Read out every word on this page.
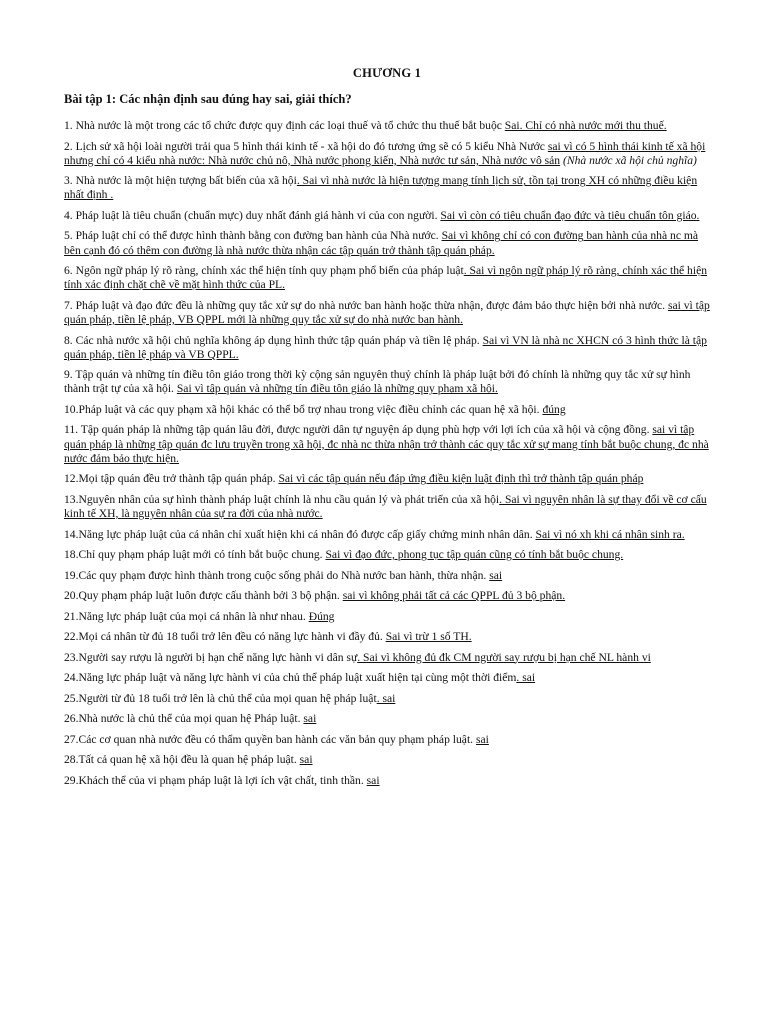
CHƯƠNG 1
Bài tập 1: Các nhận định sau đúng hay sai, giải thích?

1. Nhà nước là một trong các tổ chức được quy định các loại thuế và tổ chức thu thuế bắt buộc Sai. Chỉ có nhà nước mới thu thuế.

2. Lịch sử xã hội loài người trải qua 5 hình thái kinh tế - xã hội do đó tương ứng sẽ có 5 kiểu Nhà Nước sai vì có 5 hình thái kinh tế xã hội nhưng chỉ có 4 kiểu nhà nước: Nhà nước chủ nô, Nhà nước phong kiến, Nhà nước tư sản, Nhà nước vô sản (Nhà nước xã hội chủ nghĩa)

3. Nhà nước là một hiện tượng bất biến của xã hội. Sai vì nhà nước là hiện tượng mang tính lịch sử, tồn tại trong XH có những điều kiện nhất định .

4. Pháp luật là tiêu chuẩn (chuẩn mực) duy nhất đánh giá hành vi của con người. Sai vì còn có tiêu chuẩn đạo đức và tiêu chuẩn tôn giáo.

5. Pháp luật chỉ có thể được hình thành bằng con đường ban hành của Nhà nước. Sai vì không chỉ có con đường ban hành của nhà nc mà bên cạnh đó có thêm con đường là nhà nước thừa nhận các tập quán trở thành tập quán pháp.

6. Ngôn ngữ pháp lý rõ ràng, chính xác thể hiện tính quy phạm phổ biến của pháp luật. Sai vì ngôn ngữ pháp lý rõ ràng, chính xác thể hiện tính xác định chặt chẽ về mặt hình thức của PL.

7. Pháp luật và đạo đức đều là những quy tắc xử sự do nhà nước ban hành hoặc thừa nhận, được đảm bảo thực hiện bởi nhà nước. sai vì tập quán pháp, tiền lệ pháp, VB QPPL mới là những quy tắc xử sự do nhà nước ban hành.

8. Các nhà nước xã hội chủ nghĩa không áp dụng hình thức tập quán pháp và tiền lệ pháp. Sai vì VN là nhà nc XHCN có 3 hình thức là tập quán pháp, tiền lệ pháp và VB QPPL.

9. Tập quán và những tín điều tôn giáo trong thời kỳ cộng sản nguyên thuỷ chính là pháp luật bởi đó chính là những quy tắc xử sự hình thành trật tự của xã hội. Sai vì tập quán và những tín điều tôn giáo là những quy phạm xã hội.

10.Pháp luật và các quy phạm xã hội khác có thể bổ trợ nhau trong việc điều chỉnh các quan hệ xã hội. đúng

11. Tập quán pháp là những tập quán lâu đời, được người dân tự nguyện áp dụng phù hợp với lợi ích của xã hội và cộng đồng. sai vì tập quán pháp là những tập quán đc lưu truyền trong xã hội, đc nhà nc thừa nhận trở thành các quy tắc xử sự mang tính bắt buộc chung, đc nhà nước đảm bảo thực hiện.

12.Mọi tập quán đều trở thành tập quán pháp. Sai vì các tập quán nếu đáp ứng điều kiện luật định thì trở thành tập quán pháp

13.Nguyên nhân của sự hình thành pháp luật chính là nhu cầu quản lý và phát triển của xã hội. Sai vì nguyên nhân là sự thay đổi về cơ cấu kinh tế XH, là nguyên nhân của sự ra đời của nhà nước.

14.Năng lực pháp luật của cá nhân chỉ xuất hiện khi cá nhân đó được cấp giấy chứng minh nhân dân. Sai vì nó xh khi cá nhân sinh ra.

18.Chỉ quy phạm pháp luật mới có tính bắt buộc chung. Sai vì đạo đức, phong tục tập quán cũng có tính bắt buộc chung.

19.Các quy phạm được hình thành trong cuộc sống phải do Nhà nước ban hành, thừa nhận. sai

20.Quy phạm pháp luật luôn được cấu thành bởi 3 bộ phận. sai vì không phải tất cả các QPPL đủ 3 bộ phận.

21.Năng lực pháp luật của mọi cá nhân là như nhau. Đúng

22.Mọi cá nhân từ đủ 18 tuổi trở lên đều có năng lực hành vi đầy đủ. Sai vì trừ 1 số TH.

23.Người say rượu là người bị hạn chế năng lực hành vi dân sự. Sai vì không đủ đk CM người say rượu bị hạn chế NL hành vi

24.Năng lực pháp luật và năng lực hành vi của chủ thể pháp luật xuất hiện tại cùng một thời điểm. sai

25.Người từ đủ 18 tuổi trở lên là chủ thể của mọi quan hệ pháp luật. sai

26.Nhà nước là chủ thể của mọi quan hệ Pháp luật. sai

27.Các cơ quan nhà nước đều có thẩm quyền ban hành các văn bản quy phạm pháp luật. sai

28.Tất cả quan hệ xã hội đều là quan hệ pháp luật. sai

29.Khách thể của vi phạm pháp luật là lợi ích vật chất, tinh thần. sai
